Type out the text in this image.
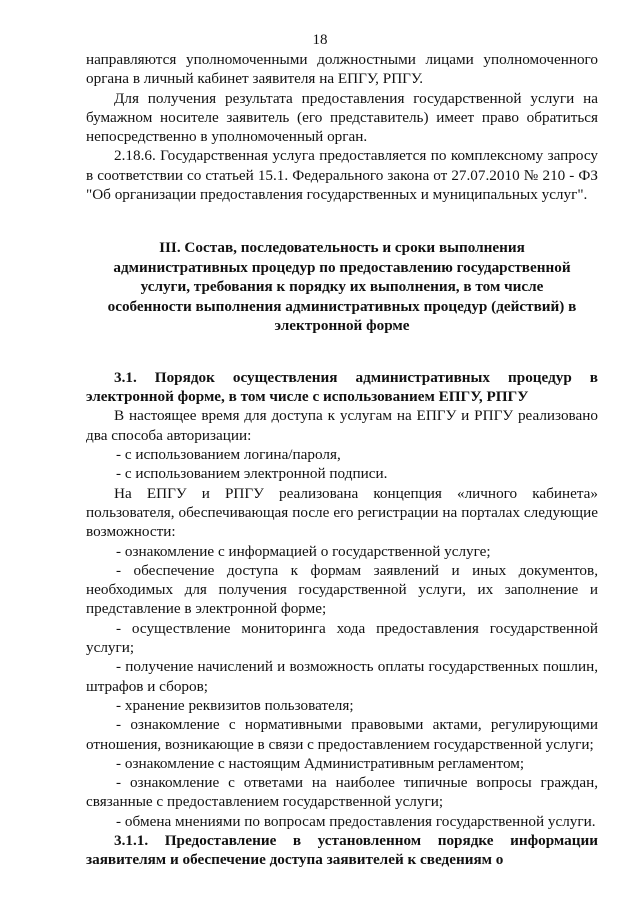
18

направляются уполномоченными должностными лицами уполномоченного органа в личный кабинет заявителя на ЕПГУ, РПГУ.

Для получения результата предоставления государственной услуги на бумажном носителе заявитель (его представитель) имеет право обратиться непосредственно в уполномоченный орган.

2.18.6. Государственная услуга предоставляется по комплексному запросу в соответствии со статьей 15.1. Федерального закона от 27.07.2010 № 210 - ФЗ "Об организации предоставления государственных и муниципальных услуг".

III. Состав, последовательность и сроки выполнения административных процедур по предоставлению государственной услуги, требования к порядку их выполнения, в том числе особенности выполнения административных процедур (действий) в электронной форме

3.1. Порядок осуществления административных процедур в электронной форме, в том числе с использованием ЕПГУ, РПГУ

В настоящее время для доступа к услугам на ЕПГУ и РПГУ реализовано два способа авторизации:

- с использованием логина/пароля,

- с использованием электронной подписи.

На ЕПГУ и РПГУ реализована концепция «личного кабинета» пользователя, обеспечивающая после его регистрации на порталах следующие возможности:

- ознакомление с информацией о государственной услуге;

- обеспечение доступа к формам заявлений и иных документов, необходимых для получения государственной услуги, их заполнение и представление в электронной форме;

- осуществление мониторинга хода предоставления государственной услуги;

- получение начислений и возможность оплаты государственных пошлин, штрафов и сборов;

- хранение реквизитов пользователя;

- ознакомление с нормативными правовыми актами, регулирующими отношения, возникающие в связи с предоставлением государственной услуги;

- ознакомление с настоящим Административным регламентом;

- ознакомление с ответами на наиболее типичные вопросы граждан, связанные с предоставлением государственной услуги;

- обмена мнениями по вопросам предоставления государственной услуги.

3.1.1. Предоставление в установленном порядке информации заявителям и обеспечение доступа заявителей к сведениям о
